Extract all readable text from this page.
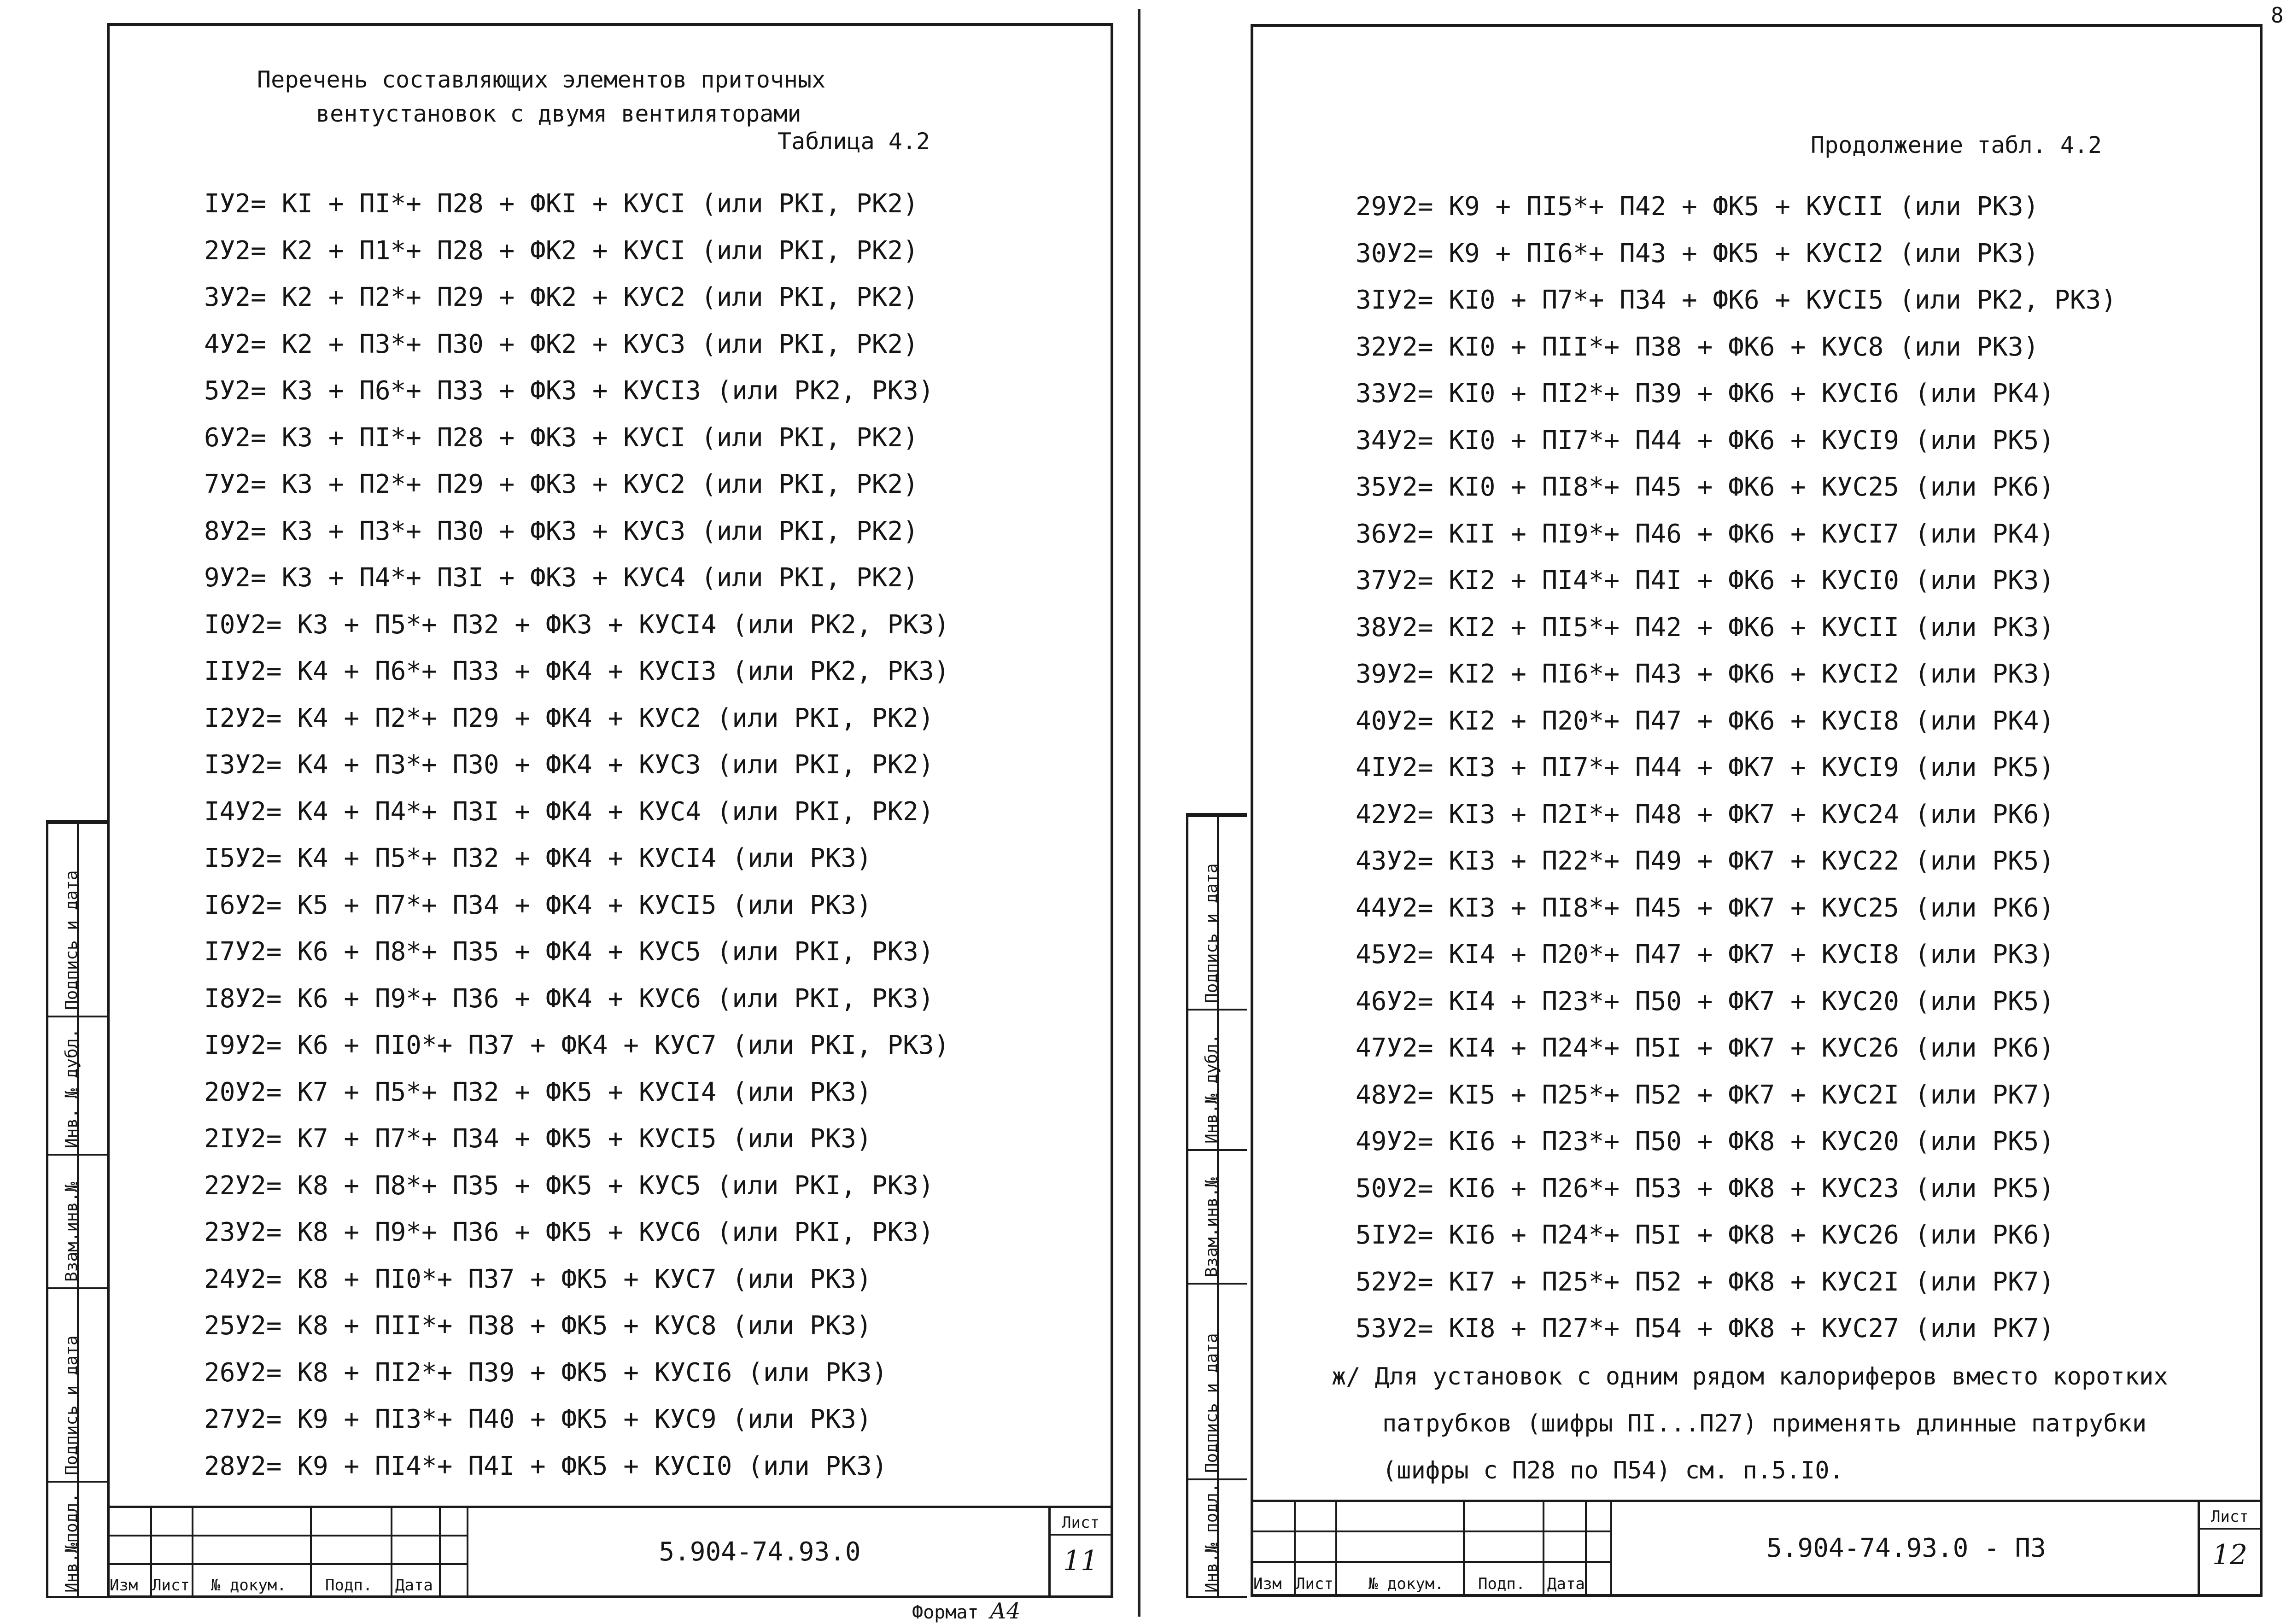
8
Перечень составляющих элементов приточных
вентустановок с двумя вентиляторами
Таблица 4.2
IУ2= КI + ПI*+ П28 + ФКI + КУСI (или РКI, РК2)
2У2= К2 + П1*+ П28 + ФК2 + КУСI (или РКI, РК2)
3У2= К2 + П2*+ П29 + ФК2 + КУС2 (или РКI, РК2)
4У2= К2 + П3*+ П30 + ФК2 + КУС3 (или РКI, РК2)
5У2= К3 + П6*+ П33 + ФК3 + КУСI3 (или РК2, РК3)
6У2= К3 + ПI*+ П28 + ФК3 + КУСI (или РКI, РК2)
7У2= К3 + П2*+ П29 + ФК3 + КУС2 (или РКI, РК2)
8У2= К3 + П3*+ П30 + ФК3 + КУС3 (или РКI, РК2)
9У2= К3 + П4*+ П3I + ФК3 + КУС4 (или РКI, РК2)
I0У2= К3 + П5*+ П32 + ФК3 + КУСI4 (или РК2, РК3)
IIУ2= К4 + П6*+ П33 + ФК4 + КУСI3 (или РК2, РК3)
I2У2= К4 + П2*+ П29 + ФК4 + КУС2 (или РКI, РК2)
I3У2= К4 + П3*+ П30 + ФК4 + КУС3 (или РКI, РК2)
I4У2= К4 + П4*+ П3I + ФК4 + КУС4 (или РКI, РК2)
I5У2= К4 + П5*+ П32 + ФК4 + КУСI4 (или РК3)
I6У2= К5 + П7*+ П34 + ФК4 + КУСI5 (или РК3)
I7У2= К6 + П8*+ П35 + ФК4 + КУС5 (или РКI, РК3)
I8У2= К6 + П9*+ П36 + ФК4 + КУС6 (или РКI, РК3)
I9У2= К6 + ПI0*+ П37 + ФК4 + КУС7 (или РКI, РК3)
20У2= К7 + П5*+ П32 + ФК5 + КУСI4 (или РК3)
2IУ2= К7 + П7*+ П34 + ФК5 + КУСI5 (или РК3)
22У2= К8 + П8*+ П35 + ФК5 + КУС5 (или РКI, РК3)
23У2= К8 + П9*+ П36 + ФК5 + КУС6 (или РКI, РК3)
24У2= К8 + ПI0*+ П37 + ФК5 + КУС7 (или РК3)
25У2= К8 + ПII*+ П38 + ФК5 + КУС8 (или РК3)
26У2= К8 + ПI2*+ П39 + ФК5 + КУСI6 (или РК3)
27У2= К9 + ПI3*+ П40 + ФК5 + КУС9 (или РК3)
28У2= К9 + ПI4*+ П4I + ФК5 + КУСI0 (или РК3)
Изм Лист № докум. Подп. Дата
5.904-74.93.0
Лист
11
Подпись и дата
Инв. № дубл.
Взам.инв.№
Подпись и дата
Инв.№подл.
Формат А4
Продолжение табл. 4.2
29У2= К9 + ПI5*+ П42 + ФК5 + КУСII (или РК3)
30У2= К9 + ПI6*+ П43 + ФК5 + КУСI2 (или РК3)
3IУ2= КI0 + П7*+ П34 + ФК6 + КУСI5 (или РК2, РК3)
32У2= КI0 + ПII*+ П38 + ФК6 + КУС8 (или РК3)
33У2= КI0 + ПI2*+ П39 + ФК6 + КУСI6 (или РК4)
34У2= КI0 + ПI7*+ П44 + ФК6 + КУСI9 (или РК5)
35У2= КI0 + ПI8*+ П45 + ФК6 + КУС25 (или РК6)
36У2= КII + ПI9*+ П46 + ФК6 + КУСI7 (или РК4)
37У2= КI2 + ПI4*+ П4I + ФК6 + КУСI0 (или РК3)
38У2= КI2 + ПI5*+ П42 + ФК6 + КУСII (или РК3)
39У2= КI2 + ПI6*+ П43 + ФК6 + КУСI2 (или РК3)
40У2= КI2 + П20*+ П47 + ФК6 + КУСI8 (или РК4)
4IУ2= КI3 + ПI7*+ П44 + ФК7 + КУСI9 (или РК5)
42У2= КI3 + П2I*+ П48 + ФК7 + КУС24 (или РК6)
43У2= КI3 + П22*+ П49 + ФК7 + КУС22 (или РК5)
44У2= КI3 + ПI8*+ П45 + ФК7 + КУС25 (или РК6)
45У2= КI4 + П20*+ П47 + ФК7 + КУСI8 (или РК3)
46У2= КI4 + П23*+ П50 + ФК7 + КУС20 (или РК5)
47У2= КI4 + П24*+ П5I + ФК7 + КУС26 (или РК6)
48У2= КI5 + П25*+ П52 + ФК7 + КУС2I (или РК7)
49У2= КI6 + П23*+ П50 + ФК8 + КУС20 (или РК5)
50У2= КI6 + П26*+ П53 + ФК8 + КУС23 (или РК5)
5IУ2= КI6 + П24*+ П5I + ФК8 + КУС26 (или РК6)
52У2= КI7 + П25*+ П52 + ФК8 + КУС2I (или РК7)
53У2= КI8 + П27*+ П54 + ФК8 + КУС27 (или РК7)
ж/ Для установок с одним рядом калориферов вместо коротких
патрубков (шифры ПI...П27) применять длинные патрубки
(шифры с П28 по П54) см. п.5.I0.
Изм Лист № докум. Подп. Дата
5.904-74.93.0 - ПЗ
Лист
12
Подпись и дата
Инв.№ дубл.
Взам.инв.№
Подпись и дата
Инв.№ подл.
